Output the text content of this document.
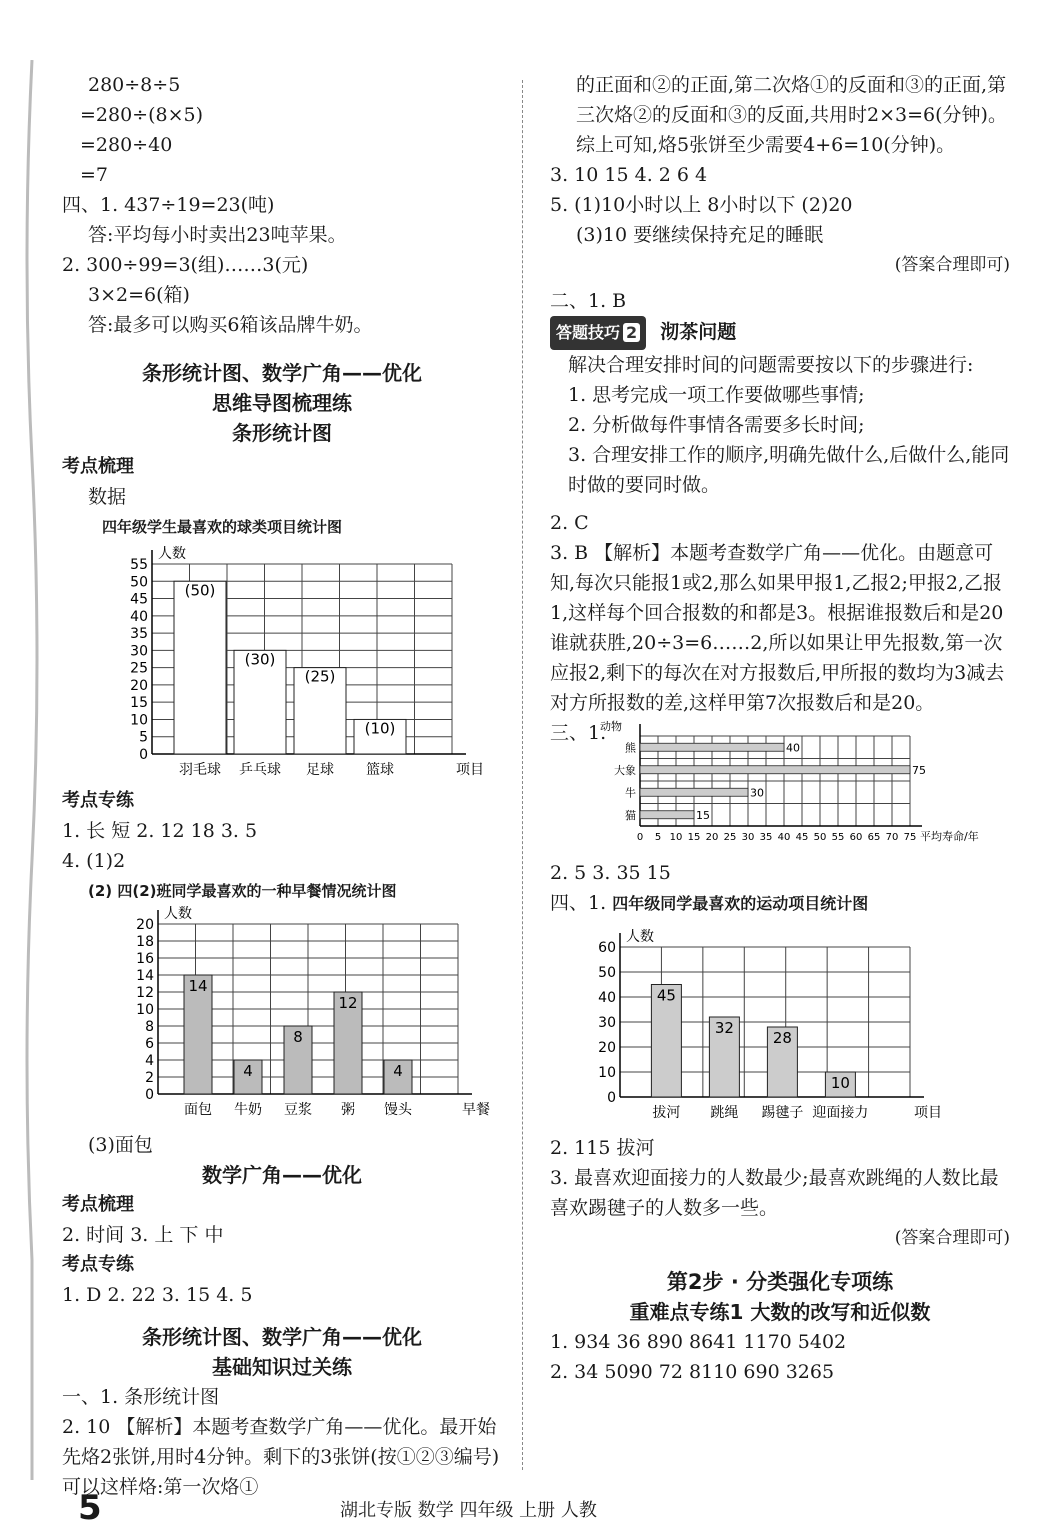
280÷8÷5
=280÷(8×5)
=280÷40
=7
四、1. 437÷19=23(吨)
答:平均每小时卖出23吨苹果。
2. 300÷99=3(组)……3(元)
3×2=6(箱)
答:最多可以购买6箱该品牌牛奶。
条形统计图、数学广角——优化
思维导图梳理练
条形统计图
考点梳理
数据
四年级学生最喜欢的球类项目统计图
0
5
10
15
20
25
30
35
40
45
50
55
人数
项目
(50)
羽毛球
(30)
乒乓球
(25)
足球
(10)
篮球
考点专练
1. 长 短 2. 12 18 3. 5
4. (1)2
(2) 四(2)班同学最喜欢的一种早餐情况统计图
0
2
4
6
8
10
12
14
16
18
20
人数
早餐
14
面包
4
牛奶
8
豆浆
12
粥
4
馒头
(3)面包
数学广角——优化
考点梳理
2. 时间 3. 上 下 中
考点专练
1. D 2. 22 3. 15 4. 5
条形统计图、数学广角——优化
基础知识过关练
一、1. 条形统计图
2. 10 【解析】本题考查数学广角——优化。最开始先烙2张饼,用时4分钟。剩下的3张饼(按①②③编号)可以这样烙:第一次烙①
的正面和②的正面,第二次烙①的反面和③的正面,第三次烙②的反面和③的反面,共用时2×3=6(分钟)。综上可知,烙5张饼至少需要4+6=10(分钟)。
3. 10 15 4. 2 6 4
5. (1)10小时以上 8小时以下 (2)20
(3)10 要继续保持充足的睡眠
(答案合理即可)
二、1. B
答题技巧 2 沏茶问题
解决合理安排时间的问题需要按以下的步骤进行:
1. 思考完成一项工作要做哪些事情;
2. 分析做每件事情各需要多长时间;
3. 合理安排工作的顺序,明确先做什么,后做什么,能同时做的要同时做。
2. C
3. B 【解析】本题考查数学广角——优化。由题意可知,每次只能报1或2,那么如果甲报1,乙报2;甲报2,乙报1,这样每个回合报数的和都是3。根据谁报数后和是20谁就获胜,20÷3=6……2,所以如果让甲先报数,第一次应报2,剩下的每次在对方报数后,甲所报的数均为3减去对方所报数的差,这样甲第7次报数后和是20。
三、1.
0 5 10 15 20 25 30 35 40 45 50 55 60 65 70 75
动物
平均寿命/年
40
熊
75
大象
30
牛
15
猫
2. 5 3. 35 15
四、1. 四年级同学最喜欢的运动项目统计图
0
10
20
30
40
50
60
人数
项目
45
拔河
32
跳绳
28
踢毽子
10
迎面接力
2. 115 拔河
3. 最喜欢迎面接力的人数最少;最喜欢跳绳的人数比最喜欢踢毽子的人数多一些。
(答案合理即可)
第2步 · 分类强化专项练
重难点专练1 大数的改写和近似数
1. 934 36 890 8641 1170 5402
2. 34 5090 72 8110 690 3265
5	湖北专版 数学 四年级 上册 人教
